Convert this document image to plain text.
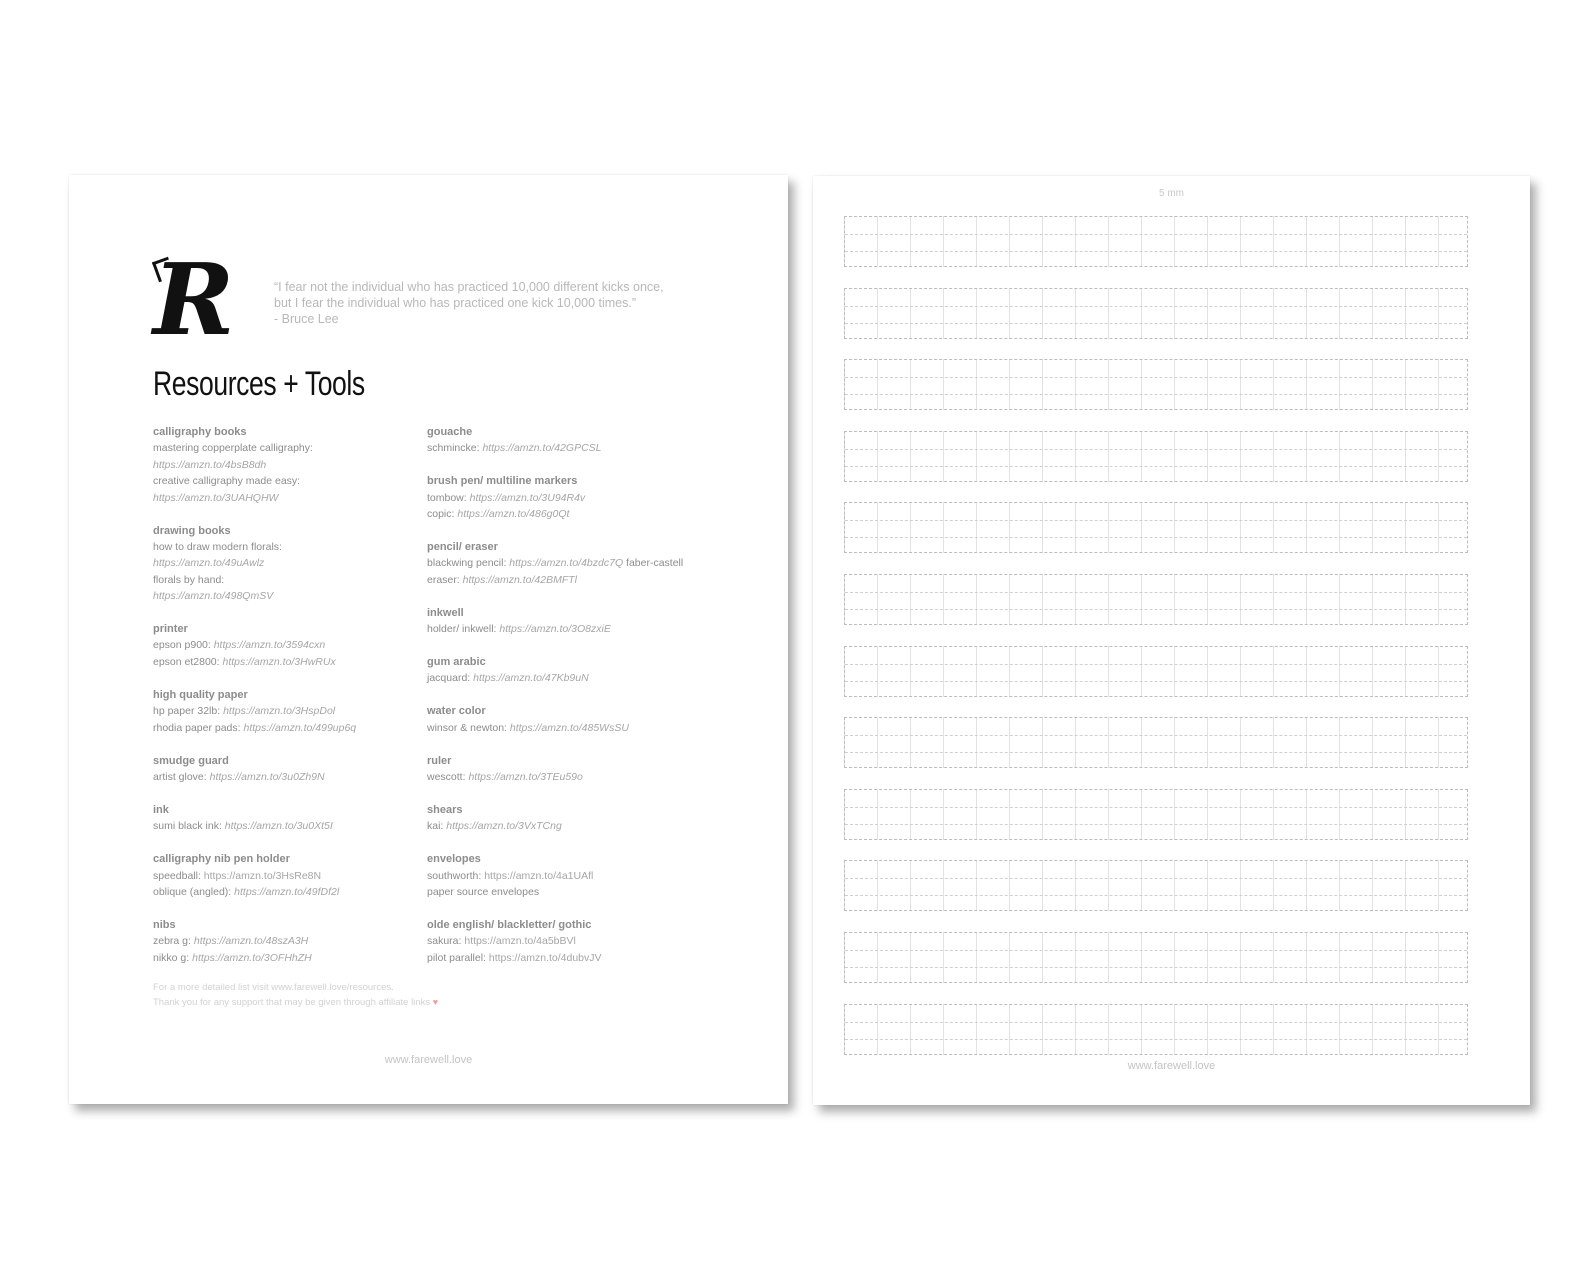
R	“I fear not the individual who has practiced 10,000 different kicks once,
but I fear the individual who has practiced one kick 10,000 times.”
- Bruce Lee
Resources + Tools
calligraphy books
mastering copperplate calligraphy:
https://amzn.to/4bsB8dh
creative calligraphy made easy:
https://amzn.to/3UAHQHW
drawing books
how to draw modern florals:
https://amzn.to/49uAwlz
florals by hand:
https://amzn.to/498QmSV
printer
epson p900: https://amzn.to/3594cxn
epson et2800: https://amzn.to/3HwRUx
high quality paper
hp paper 32lb: https://amzn.to/3HspDol
rhodia paper pads: https://amzn.to/499up6q
smudge guard
artist glove: https://amzn.to/3u0Zh9N
ink
sumi black ink: https://amzn.to/3u0Xt5I
calligraphy nib pen holder
speedball: https://amzn.to/3HsRe8N
oblique (angled): https://amzn.to/49fDf2l
nibs
zebra g: https://amzn.to/48szA3H
nikko g: https://amzn.to/3OFHhZH
gouache
schmincke: https://amzn.to/42GPCSL
brush pen/ multiline markers
tombow: https://amzn.to/3U94R4v
copic: https://amzn.to/486g0Qt
pencil/ eraser
blackwing pencil: https://amzn.to/4bzdc7Q faber-castell
eraser: https://amzn.to/42BMFTl
inkwell
holder/ inkwell: https://amzn.to/3O8zxiE
gum arabic
jacquard: https://amzn.to/47Kb9uN
water color
winsor & newton: https://amzn.to/485WsSU
ruler
wescott: https://amzn.to/3TEu59o
shears
kai: https://amzn.to/3VxTCng
envelopes
southworth: https://amzn.to/4a1UAfl
paper source envelopes
olde english/ blackletter/ gothic
sakura: https://amzn.to/4a5bBVl
pilot parallel: https://amzn.to/4dubvJV
For a more detailed list visit www.farewell.love/resources.
Thank you for any support that may be given through affiliate links ♥
www.farewell.love
5 mm
www.farewell.love
